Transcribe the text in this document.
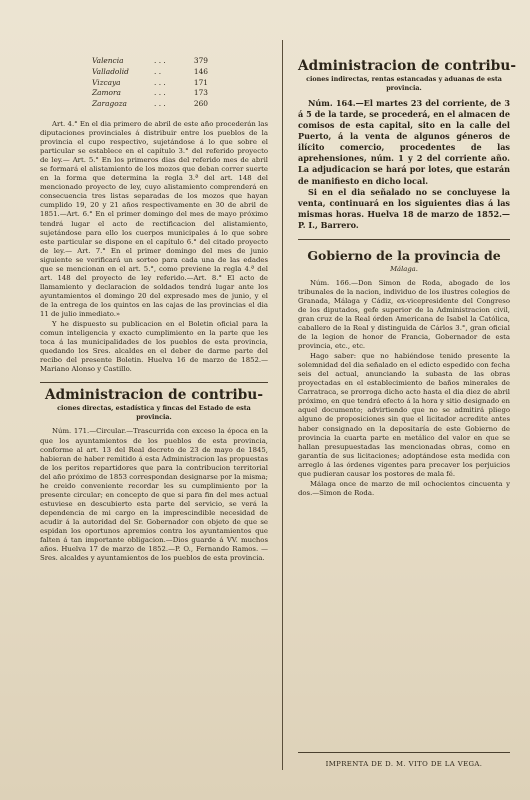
Valencia	. . .	379
Valladolid	. .	146
Vizcaya	. . .	171
Zamora	. . .	173
Zaragoza	. . .	260

Art. 4.° En el dia primero de abril de este año procederán las diputaciones provinciales á distribuir entre los pueblos de la provincia el cupo respectivo, sujetándose á lo que sobre el particular se establece en el capítulo 3.° del referido proyecto de ley.— Art. 5.° En los primeros dias del referido mes de abril se formará el alistamiento de los mozos que deban correr suerte en la forma que determina la regla 3.ª del art. 148 del mencionado proyecto de ley, cuyo alistamiento comprenderá en consecuencia tres listas separadas de los mozos que hayan cumplido 19, 20 y 21 años respectivamente en 30 de abril de 1851.—Art. 6.° En el primer domingo del mes de mayo próximo tendrá lugar el acto de rectificacion del alistamiento, sujetándose para ello los cuerpos municipales á lo que sobre este particular se dispone en el capítulo 6.° del citado proyecto de ley.— Art. 7.° En el primer domingo del mes de junio siguiente se verificará un sorteo para cada una de las edades que se mencionan en el art. 5.°, como previene la regla 4.ª del art. 148 del proyecto de ley referido.—Art. 8.° El acto de llamamiento y declaracion de soldados tendrá lugar ante los ayuntamientos el domingo 20 del expresado mes de junio, y el de la entrega de los quintos en las cajas de las provincias el dia 11 de julio inmediato.»

Y he dispuesto su publicacion en el Boletin oficial para la comun inteligencia y exacto cumplimiento en la parte que les toca á las municipalidades de los pueblos de esta provincia, quedando los Sres. alcaldes en el deber de darme parte del recibo del presente Boletin. Huelva 16 de marzo de 1852.—Mariano Alonso y Castillo.

Administracion de contribu-
ciones directas, estadística y fincas del Estado de esta provincia.

Núm. 171.—Circular.—Trascurrida con exceso la época en la que los ayuntamientos de los pueblos de esta provincia, conforme al art. 13 del Real decreto de 23 de mayo de 1845, habieran de haber remitido á esta Administracion las propuestas de los peritos repartidores que para la contribucion territorial del año próximo de 1853 correspondan designarse por la misma; he creido conveniente recordar les su cumplimiento por la presente circular; en concepto de que si para fin del mes actual estuviese en descubierto esta parte del servicio, se verá la dependencia de mi cargo en la imprescindible necesidad de acudir á la autoridad del Sr. Gobernador con objeto de que se espidan los oportunos apremios contra los ayuntamientos que falten á tan importante obligacion.—Dios guarde á VV. muchos años. Huelva 17 de marzo de 1852.—P. O., Fernando Ramos. —Sres. alcaldes y ayuntamientos de los pueblos de esta provincia.

Administracion de contribu-
ciones indirectas, rentas estancadas y aduanas de esta provincia.

Núm. 164.—El martes 23 del corriente, de 3 á 5 de la tarde, se procederá, en el almacen de comisos de esta capital, sito en la calle del Puerto, á la venta de algunos géneros de ilícito comercio, procedentes de las aprehensiones, núm. 1 y 2 del corriente año. La adjudicacion se hará por lotes, que estarán de manifiesto en dicho local.

Si en el dia señalado no se concluyese la venta, continuará en los siguientes dias á las mismas horas. Huelva 18 de marzo de 1852.—P. I., Barrero.

Gobierno de la provincia de
Málaga.

Núm. 166.—Don Simon de Roda, abogado de los tribunales de la nacion, individuo de los ilustres colegios de Granada, Málaga y Cádiz, ex-vicepresidente del Congreso de los diputados, gefe superior de la Administracion civil, gran cruz de la Real órden Americana de Isabel la Católica, caballero de la Real y distinguida de Cárlos 3.°, gran oficial de la legion de honor de Francia, Gobernador de esta provincia, etc., etc.

Hago saber: que no habiéndose tenido presente la solemnidad del dia señalado en el edicto espedido con fecha seis del actual, anunciando la subasta de las obras proyectadas en el establecimiento de baños minerales de Carratraca, se prorroga dicho acto hasta el dia diez de abril próximo, en que tendrá efecto á la hora y sitio designado en aquel documento; advirtiendo que no se admitirá pliego alguno de proposiciones sin que el licitador acredite antes haber consignado en la depositaría de este Gobierno de provincia la cuarta parte en metálico del valor en que se hallan presupuestadas las mencionadas obras, como en garantía de sus licitaciones; adoptándose esta medida con arreglo á las órdenes vigentes para precaver los perjuicios que pudieran causar los postores de mala fé.

Málaga once de marzo de mil ochocientos cincuenta y dos.—Simon de Roda.

IMPRENTA DE D. M. VITO DE LA VEGA.
